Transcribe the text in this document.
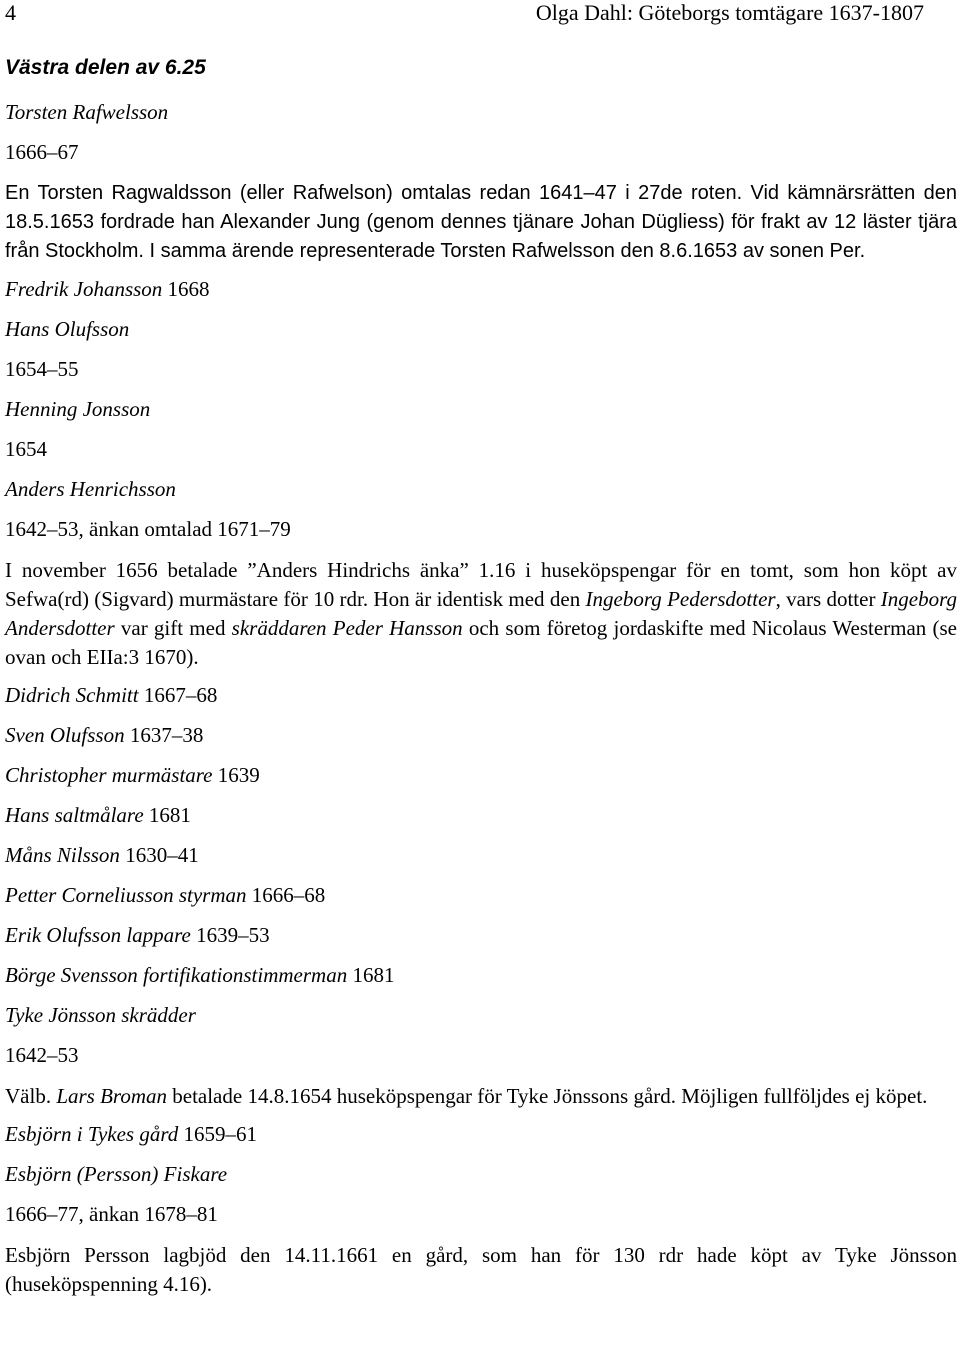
4	Olga Dahl: Göteborgs tomtägare 1637-1807
Västra delen av 6.25
Torsten Rafwelsson
1666–67
En Torsten Ragwaldsson (eller Rafwelson) omtalas redan 1641–47 i 27de roten. Vid kämnärsrätten den 18.5.1653 fordrade han Alexander Jung (genom dennes tjänare Johan Dügliess) för frakt av 12 läster tjära från Stockholm. I samma ärende representerade Torsten Rafwelsson den 8.6.1653 av sonen Per.
Fredrik Johansson 1668
Hans Olufsson
1654–55
Henning Jonsson
1654
Anders Henrichsson
1642–53, änkan omtalad 1671–79
I november 1656 betalade ”Anders Hindrichs änka” 1.16 i huseköpspengar för en tomt, som hon köpt av Sefwa(rd) (Sigvard) murmästare för 10 rdr. Hon är identisk med den Ingeborg Pedersdotter, vars dotter Ingeborg Andersdotter var gift med skräddaren Peder Hansson och som företog jordaskifte med Nicolaus Westerman (se ovan och EIIa:3 1670).
Didrich Schmitt 1667–68
Sven Olufsson 1637–38
Christopher murmästare 1639
Hans saltmålare 1681
Måns Nilsson 1630–41
Petter Corneliusson styrman 1666–68
Erik Olufsson lappare 1639–53
Börge Svensson fortifikationstimmerman 1681
Tyke Jönsson skrädder
1642–53
Välb. Lars Broman betalade 14.8.1654 huseköpspengar för Tyke Jönssons gård. Möjligen fullföljdes ej köpet.
Esbjörn i Tykes gård 1659–61
Esbjörn (Persson) Fiskare
1666–77, änkan 1678–81
Esbjörn Persson lagbjöd den 14.11.1661 en gård, som han för 130 rdr hade köpt av Tyke Jönsson (huseköpspenning 4.16).
